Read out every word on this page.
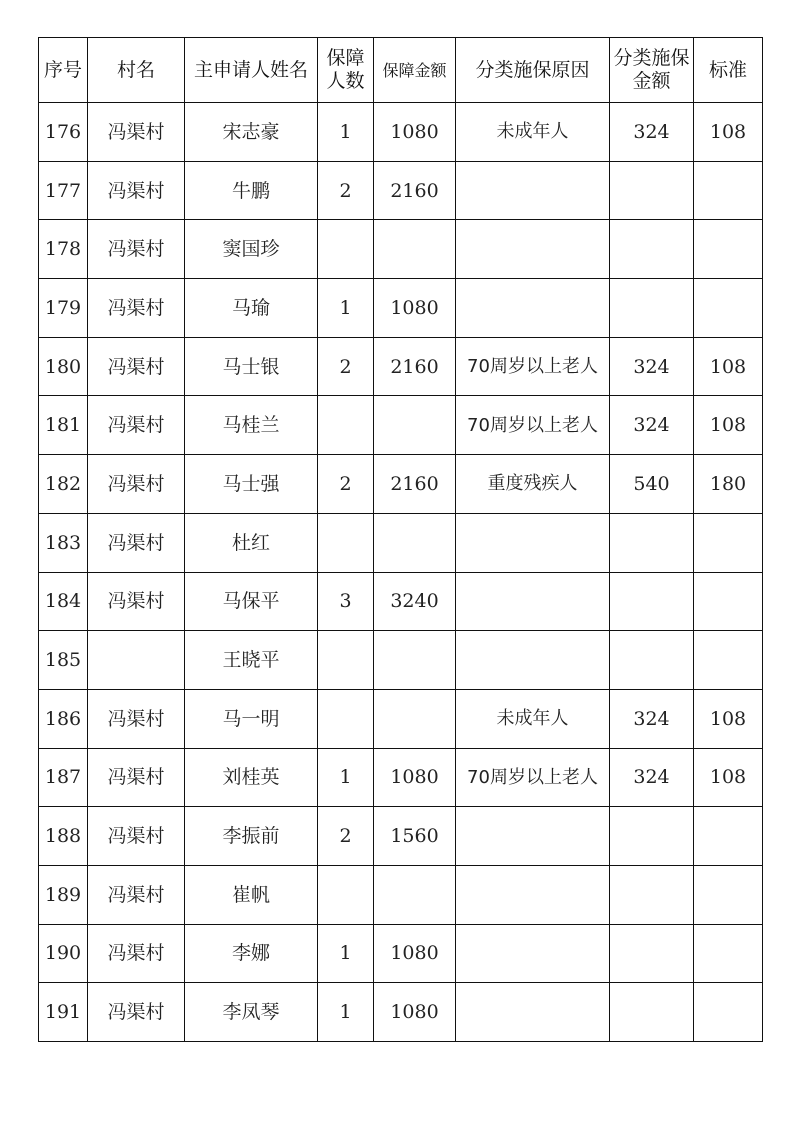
序号	村名	主申请人姓名	保障人数	保障金额	分类施保原因	分类施保金额	标准
176	冯渠村	宋志豪	1	1080	未成年人	324	108
177	冯渠村	牛鹏	2	2160			
178	冯渠村	窦国珍					
179	冯渠村	马瑜	1	1080			
180	冯渠村	马士银	2	2160	70周岁以上老人	324	108
181	冯渠村	马桂兰			70周岁以上老人	324	108
182	冯渠村	马士强	2	2160	重度残疾人	540	180
183	冯渠村	杜红					
184	冯渠村	马保平	3	3240			
185		王晓平					
186	冯渠村	马一明			未成年人	324	108
187	冯渠村	刘桂英	1	1080	70周岁以上老人	324	108
188	冯渠村	李振前	2	1560			
189	冯渠村	崔帆					
190	冯渠村	李娜	1	1080			
191	冯渠村	李凤琴	1	1080			
